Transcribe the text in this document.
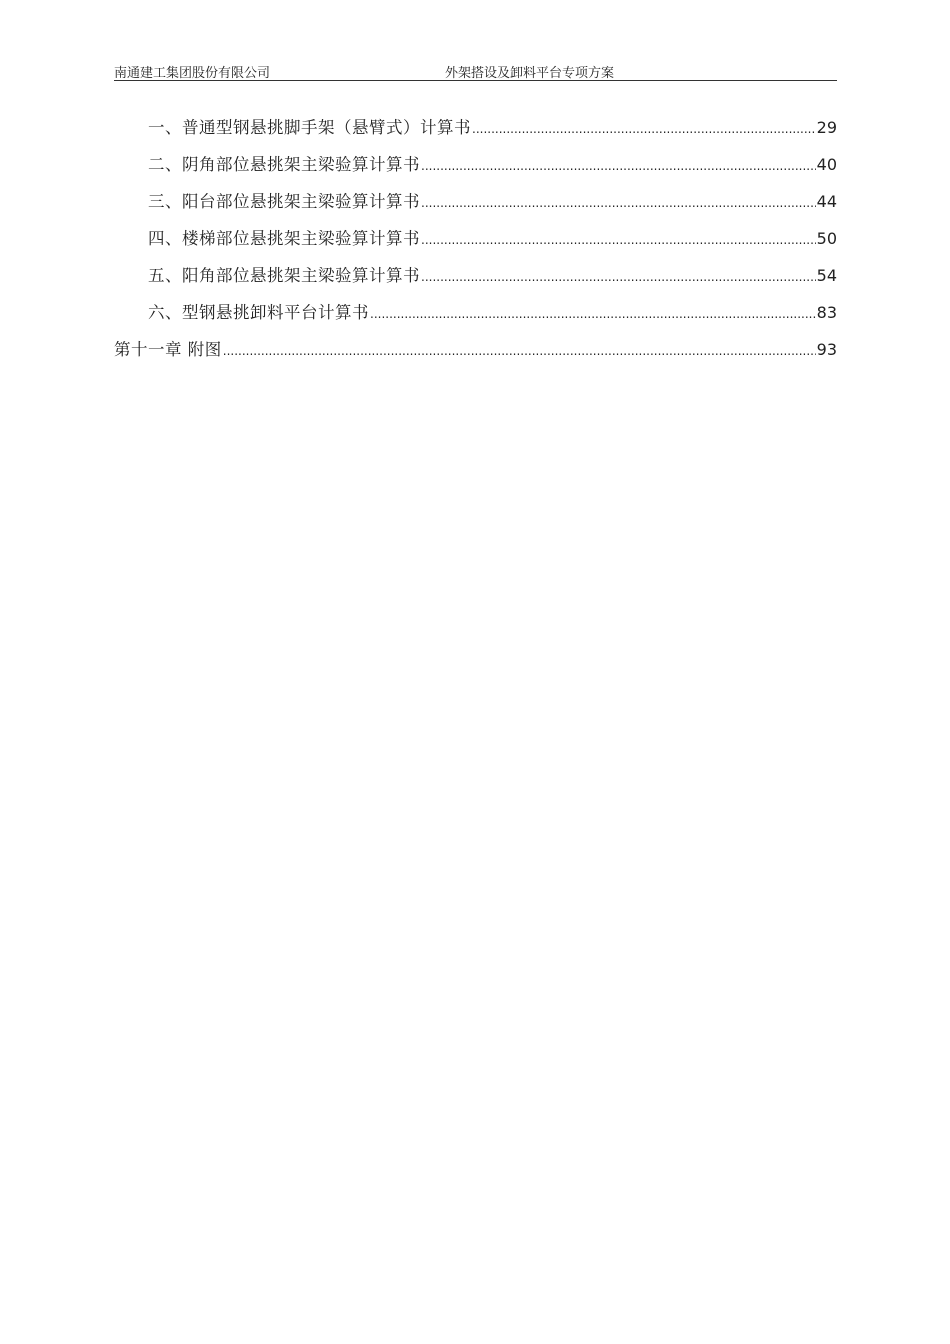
南通建工集团股份有限公司	外架搭设及卸料平台专项方案
一、普通型钢悬挑脚手架（悬臂式）计算书 .....	29
二、阴角部位悬挑架主梁验算计算书 .....	40
三、阳台部位悬挑架主梁验算计算书 .....	44
四、楼梯部位悬挑架主梁验算计算书 .....	50
五、阳角部位悬挑架主梁验算计算书 .....	54
六、型钢悬挑卸料平台计算书 .....	83
第十一章 附图 .....	93
